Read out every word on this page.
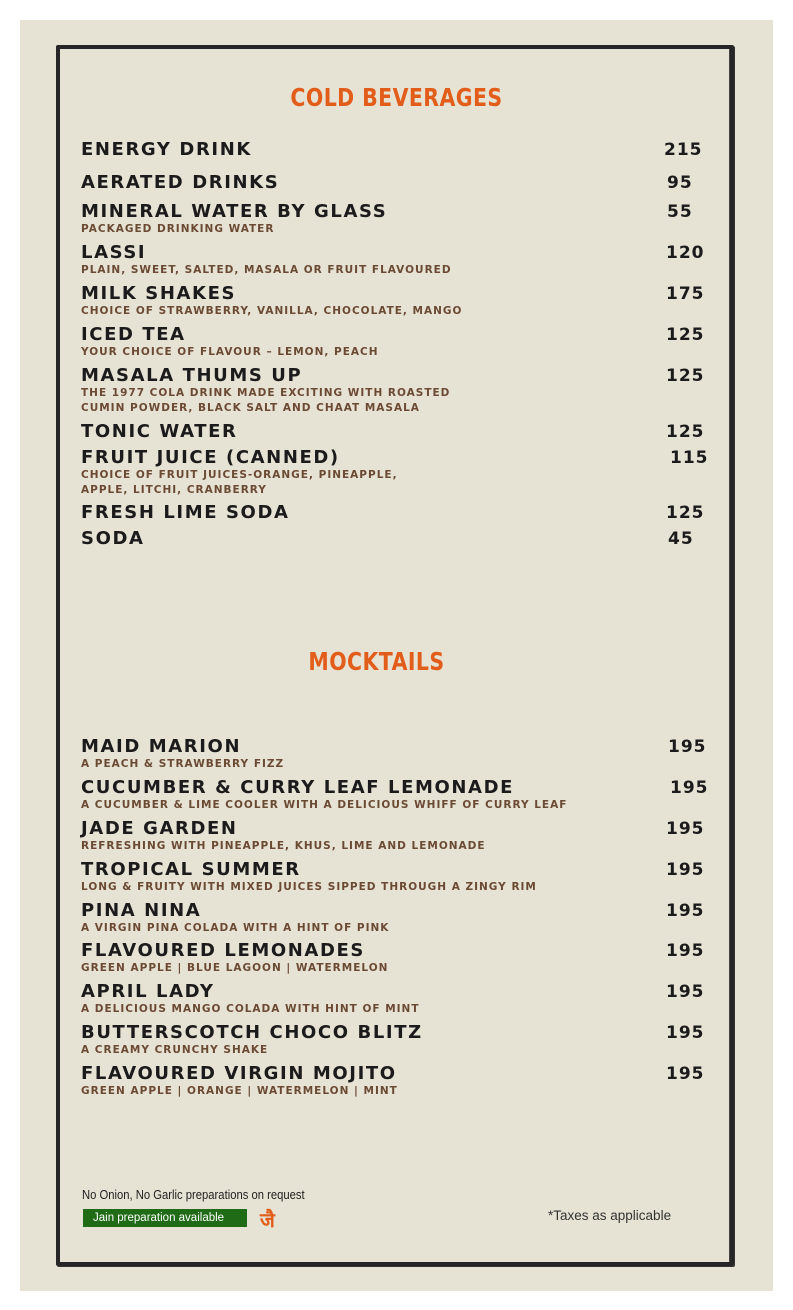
COLD BEVERAGES
ENERGY DRINK	215
AERATED DRINKS	95
MINERAL WATER BY GLASS
PACKAGED DRINKING WATER
55
LASSI
PLAIN, SWEET, SALTED, MASALA OR FRUIT FLAVOURED
120
MILK SHAKES
CHOICE OF STRAWBERRY, VANILLA, CHOCOLATE, MANGO
175
ICED TEA
YOUR CHOICE OF FLAVOUR – LEMON, PEACH
125
MASALA THUMS UP
THE 1977 COLA DRINK MADE EXCITING WITH ROASTED
CUMIN POWDER, BLACK SALT AND CHAAT MASALA
125
TONIC WATER	125
FRUIT JUICE (CANNED)
CHOICE OF FRUIT JUICES-ORANGE, PINEAPPLE,
APPLE, LITCHI, CRANBERRY
115
FRESH LIME SODA	125
SODA	45
MOCKTAILS
MAID MARION
A PEACH & STRAWBERRY FIZZ
195
CUCUMBER & CURRY LEAF LEMONADE
A CUCUMBER & LIME COOLER WITH A DELICIOUS WHIFF OF CURRY LEAF
195
JADE GARDEN
REFRESHING WITH PINEAPPLE, KHUS, LIME AND LEMONADE
195
TROPICAL SUMMER
LONG & FRUITY WITH MIXED JUICES SIPPED THROUGH A ZINGY RIM
195
PINA NINA
A VIRGIN PINA COLADA WITH A HINT OF PINK
195
FLAVOURED LEMONADES
GREEN APPLE | BLUE LAGOON | WATERMELON
195
APRIL LADY
A DELICIOUS MANGO COLADA WITH HINT OF MINT
195
BUTTERSCOTCH CHOCO BLITZ
A CREAMY CRUNCHY SHAKE
195
FLAVOURED VIRGIN MOJITO
GREEN APPLE | ORANGE | WATERMELON | MINT
195
No Onion, No Garlic preparations on request
Jain preparation available	जै	*Taxes as applicable
